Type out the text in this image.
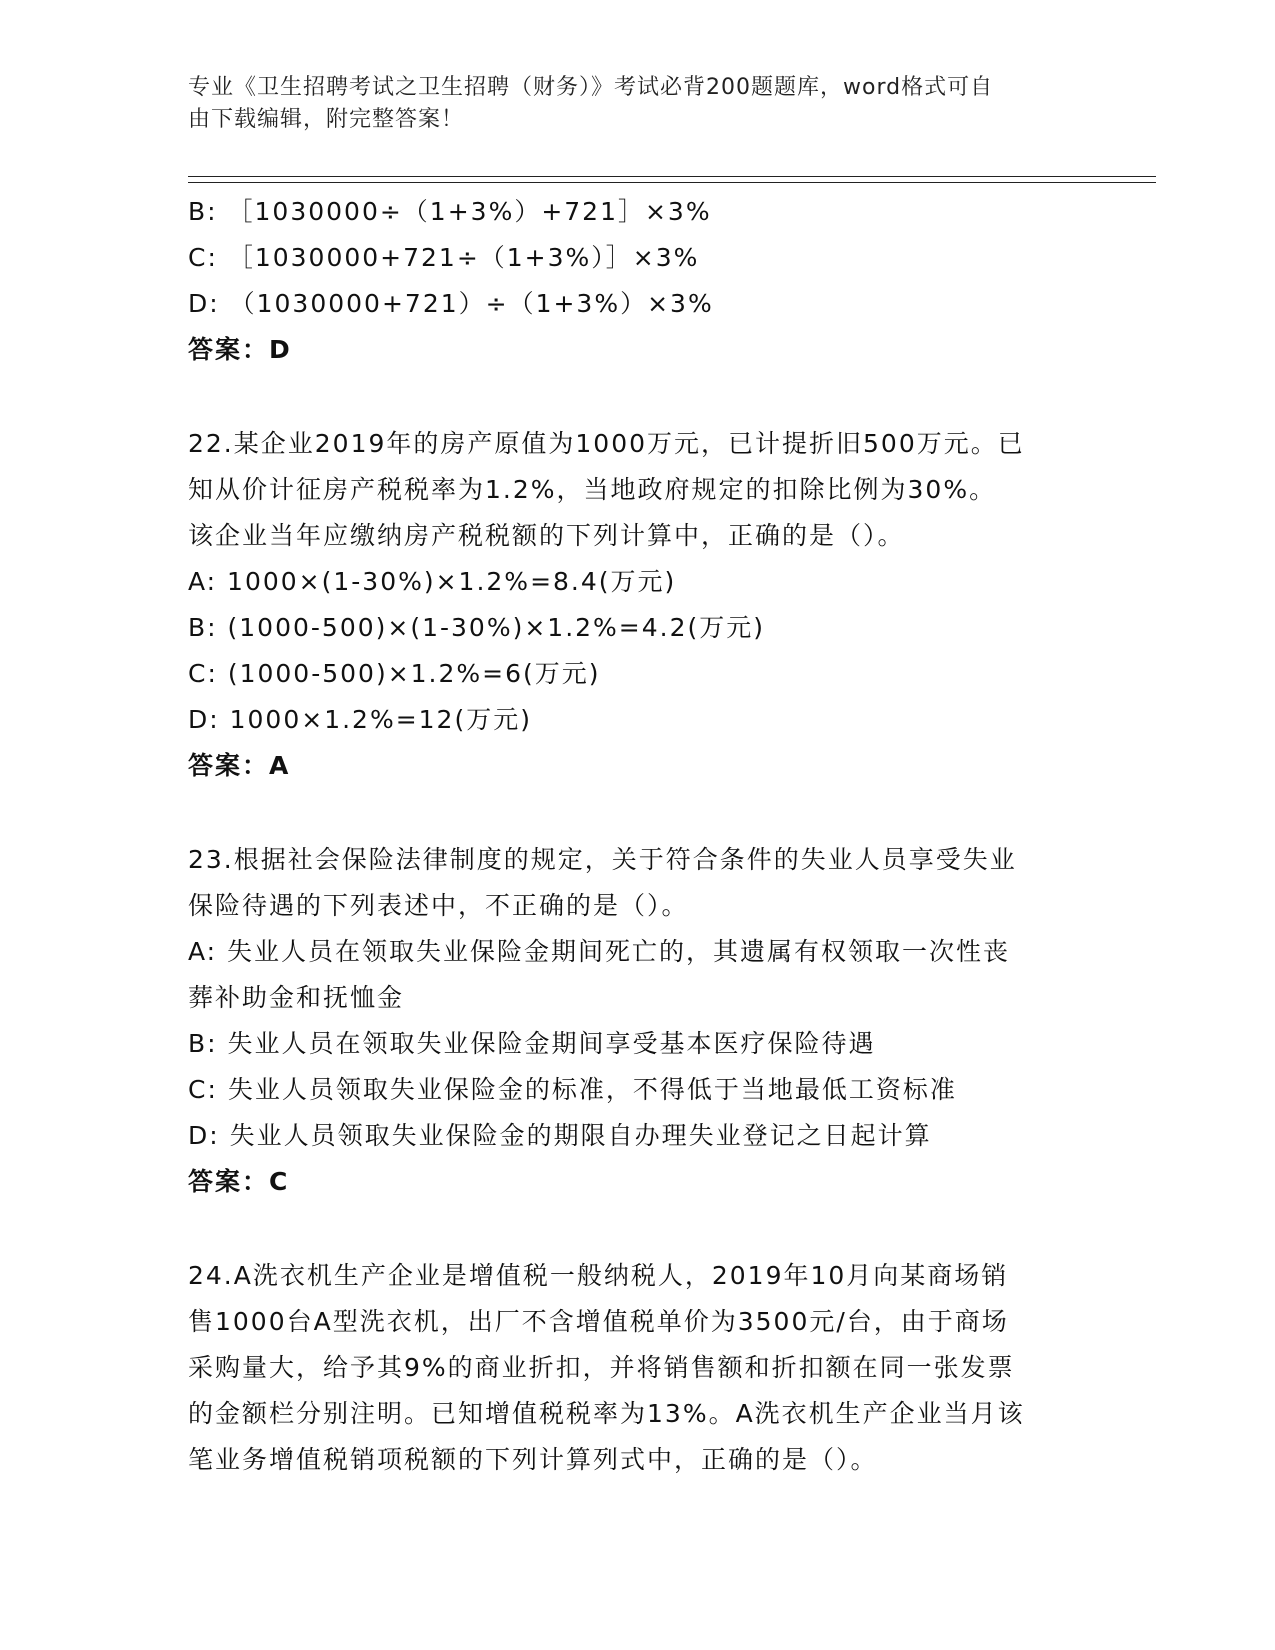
专业《卫生招聘考试之卫生招聘（财务）》考试必背200题题库，word格式可自
由下载编辑，附完整答案！
B: ［1030000÷（1+3%）+721］×3%
C: ［1030000+721÷（1+3%）］×3%
D: （1030000+721）÷（1+3%）×3%
答案：D
22.某企业2019年的房产原值为1000万元，已计提折旧500万元。已
知从价计征房产税税率为1.2%，当地政府规定的扣除比例为30%。
该企业当年应缴纳房产税税额的下列计算中，正确的是（）。
A: 1000×(1-30%)×1.2%=8.4(万元)
B: (1000-500)×(1-30%)×1.2%=4.2(万元)
C: (1000-500)×1.2%=6(万元)
D: 1000×1.2%=12(万元)
答案：A
23.根据社会保险法律制度的规定，关于符合条件的失业人员享受失业
保险待遇的下列表述中，不正确的是（）。
A: 失业人员在领取失业保险金期间死亡的，其遗属有权领取一次性丧
葬补助金和抚恤金
B: 失业人员在领取失业保险金期间享受基本医疗保险待遇
C: 失业人员领取失业保险金的标准，不得低于当地最低工资标准
D: 失业人员领取失业保险金的期限自办理失业登记之日起计算
答案：C
24.A洗衣机生产企业是增值税一般纳税人，2019年10月向某商场销
售1000台A型洗衣机，出厂不含增值税单价为3500元/台，由于商场
采购量大，给予其9%的商业折扣，并将销售额和折扣额在同一张发票
的金额栏分别注明。已知增值税税率为13%。A洗衣机生产企业当月该
笔业务增值税销项税额的下列计算列式中，正确的是（）。
